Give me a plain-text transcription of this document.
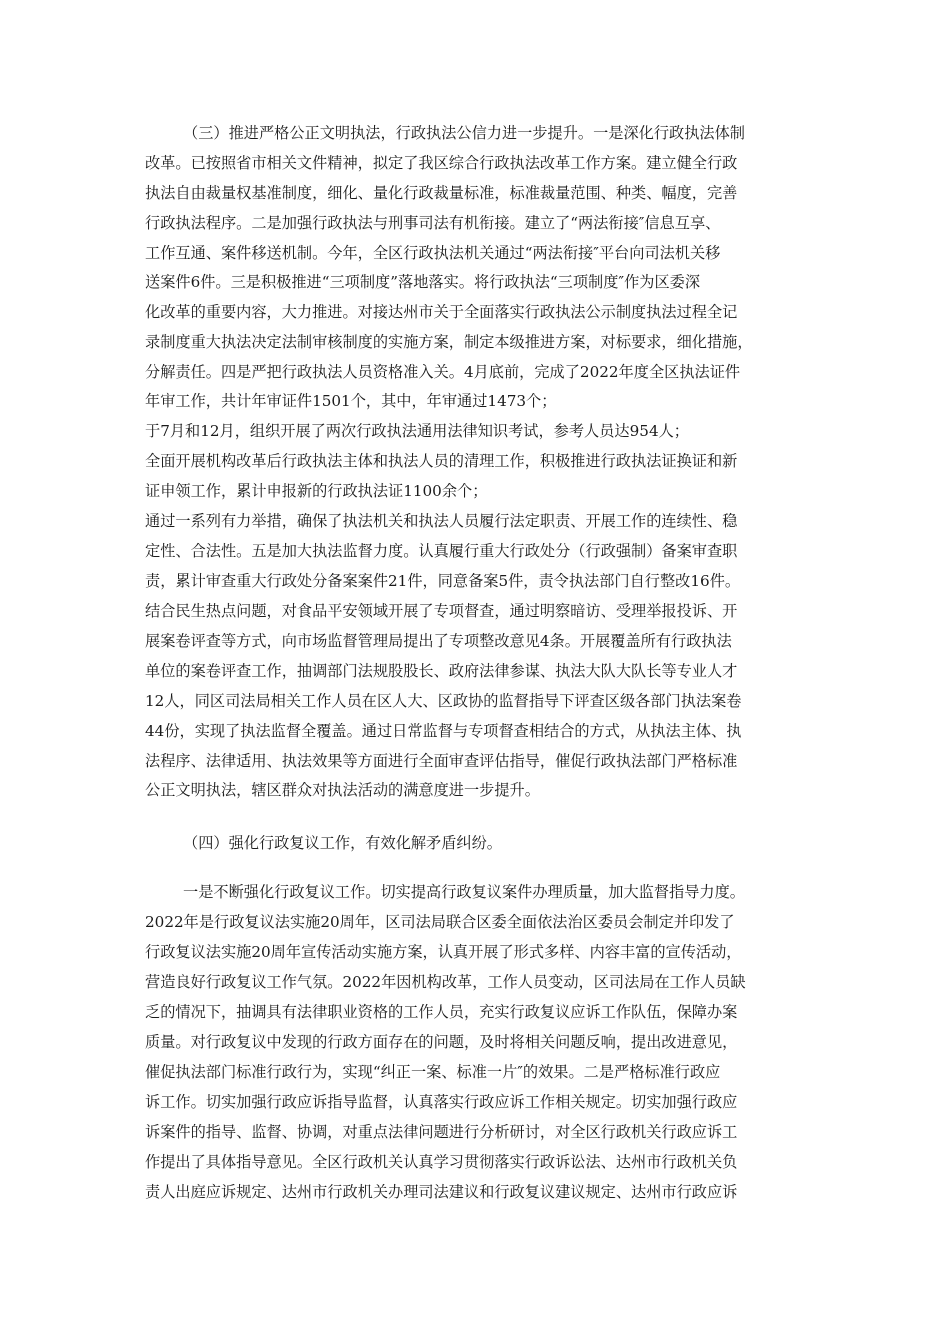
（三）推进严格公正文明执法，行政执法公信力进一步提升。一是深化行政执法体制
改革。已按照省市相关文件精神，拟定了我区综合行政执法改革工作方案。建立健全行政
执法自由裁量权基准制度，细化、量化行政裁量标准，标准裁量范围、种类、幅度，完善
行政执法程序。二是加强行政执法与刑事司法有机衔接。建立了“两法衔接″信息互享、
工作互通、案件移送机制。今年，全区行政执法机关通过“两法衔接″平台向司法机关移
送案件6件。三是积极推进“三项制度”落地落实。将行政执法“三项制度″作为区委深
化改革的重要内容，大力推进。对接达州市关于全面落实行政执法公示制度执法过程全记
录制度重大执法决定法制审核制度的实施方案，制定本级推进方案，对标要求，细化措施，
分解责任。四是严把行政执法人员资格准入关。4月底前，完成了2022年度全区执法证件
年审工作，共计年审证件1501个，其中，年审通过1473个；
于7月和12月，组织开展了两次行政执法通用法律知识考试，参考人员达954人；
全面开展机构改革后行政执法主体和执法人员的清理工作，积极推进行政执法证换证和新
证申领工作，累计申报新的行政执法证1100余个；
通过一系列有力举措，确保了执法机关和执法人员履行法定职责、开展工作的连续性、稳
定性、合法性。五是加大执法监督力度。认真履行重大行政处分（行政强制）备案审查职
责，累计审查重大行政处分备案案件21件，同意备案5件，责令执法部门自行整改16件。
结合民生热点问题，对食品平安领域开展了专项督查，通过明察暗访、受理举报投诉、开
展案卷评查等方式，向市场监督管理局提出了专项整改意见4条。开展覆盖所有行政执法
单位的案卷评查工作，抽调部门法规股股长、政府法律参谋、执法大队大队长等专业人才
12人，同区司法局相关工作人员在区人大、区政协的监督指导下评查区级各部门执法案卷
44份，实现了执法监督全覆盖。通过日常监督与专项督查相结合的方式，从执法主体、执
法程序、法律适用、执法效果等方面进行全面审查评估指导，催促行政执法部门严格标准
公正文明执法，辖区群众对执法活动的满意度进一步提升。
（四）强化行政复议工作，有效化解矛盾纠纷。
一是不断强化行政复议工作。切实提高行政复议案件办理质量，加大监督指导力度。
2022年是行政复议法实施20周年，区司法局联合区委全面依法治区委员会制定并印发了
行政复议法实施20周年宣传活动实施方案，认真开展了形式多样、内容丰富的宣传活动，
营造良好行政复议工作气氛。2022年因机构改革，工作人员变动，区司法局在工作人员缺
乏的情况下，抽调具有法律职业资格的工作人员，充实行政复议应诉工作队伍，保障办案
质量。对行政复议中发现的行政方面存在的问题，及时将相关问题反响，提出改进意见，
催促执法部门标准行政行为，实现“纠正一案、标准一片″的效果。二是严格标准行政应
诉工作。切实加强行政应诉指导监督，认真落实行政应诉工作相关规定。切实加强行政应
诉案件的指导、监督、协调，对重点法律问题进行分析研讨，对全区行政机关行政应诉工
作提出了具体指导意见。全区行政机关认真学习贯彻落实行政诉讼法、达州市行政机关负
责人出庭应诉规定、达州市行政机关办理司法建议和行政复议建议规定、达州市行政应诉
